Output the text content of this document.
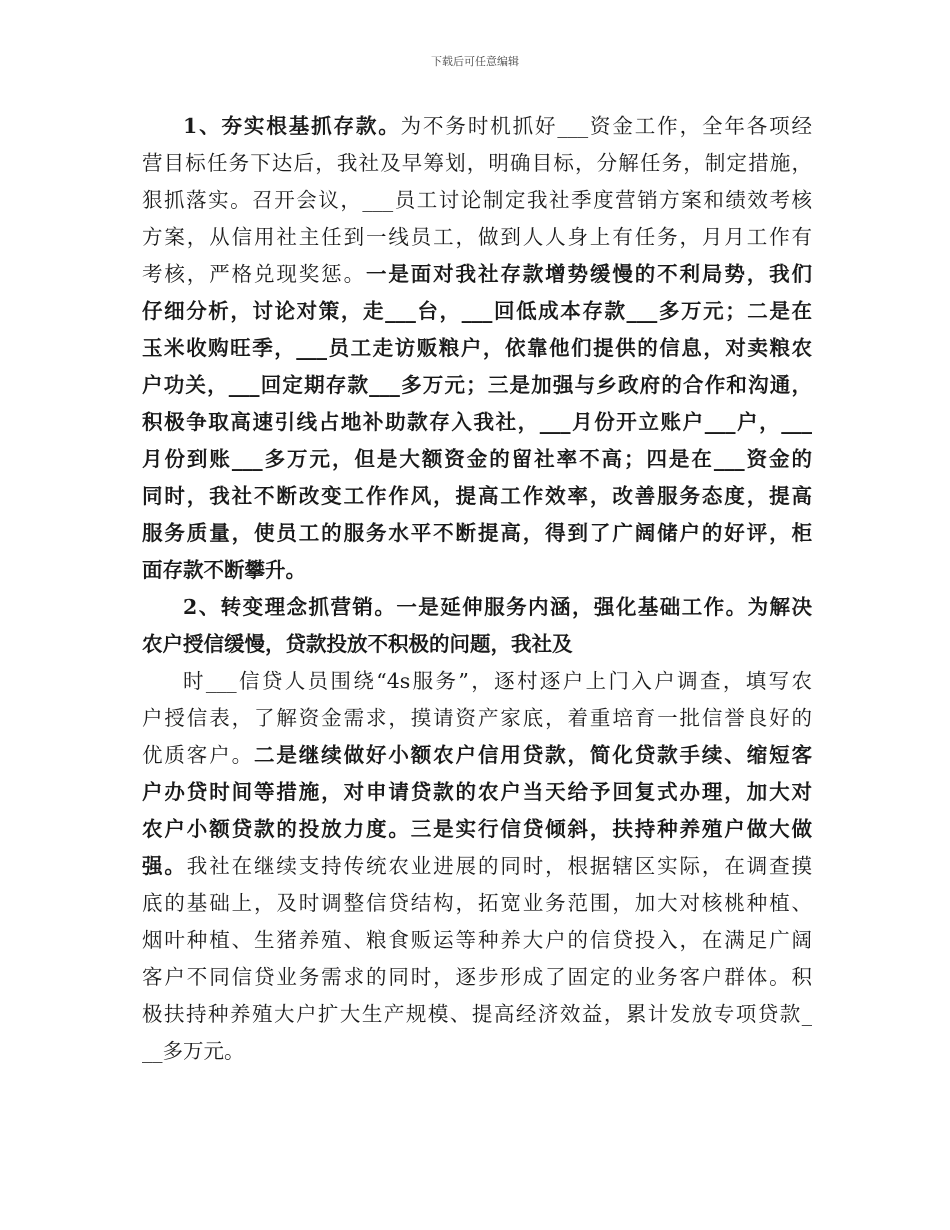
下载后可任意编辑
1、夯实根基抓存款。为不务时机抓好___资金工作，全年各项经
营目标任务下达后，我社及早筹划，明确目标，分解任务，制定措施，
狠抓落实。召开会议，___员工讨论制定我社季度营销方案和绩效考核
方案，从信用社主任到一线员工，做到人人身上有任务，月月工作有
考核，严格兑现奖惩。一是面对我社存款增势缓慢的不利局势，我们
仔细分析，讨论对策，走___台，___回低成本存款___多万元；二是在
玉米收购旺季，___员工走访贩粮户，依靠他们提供的信息，对卖粮农
户功关，___回定期存款___多万元；三是加强与乡政府的合作和沟通，
积极争取高速引线占地补助款存入我社，___月份开立账户___户，___
月份到账___多万元，但是大额资金的留社率不高；四是在___资金的
同时，我社不断改变工作作风，提高工作效率，改善服务态度，提高
服务质量，使员工的服务水平不断提高，得到了广阔储户的好评，柜
面存款不断攀升。
2、转变理念抓营销。一是延伸服务内涵，强化基础工作。为解决
农户授信缓慢，贷款投放不积极的问题，我社及
时___信贷人员围绕“4s服务”，逐村逐户上门入户调查，填写农
户授信表，了解资金需求，摸请资产家底，着重培育一批信誉良好的
优质客户。二是继续做好小额农户信用贷款，简化贷款手续、缩短客
户办贷时间等措施，对申请贷款的农户当天给予回复式办理，加大对
农户小额贷款的投放力度。三是实行信贷倾斜，扶持种养殖户做大做
强。我社在继续支持传统农业进展的同时，根据辖区实际，在调查摸
底的基础上，及时调整信贷结构，拓宽业务范围，加大对核桃种植、
烟叶种植、生猪养殖、粮食贩运等种养大户的信贷投入，在满足广阔
客户不同信贷业务需求的同时，逐步形成了固定的业务客户群体。积
极扶持种养殖大户扩大生产规模、提高经济效益，累计发放专项贷款_
__多万元。
